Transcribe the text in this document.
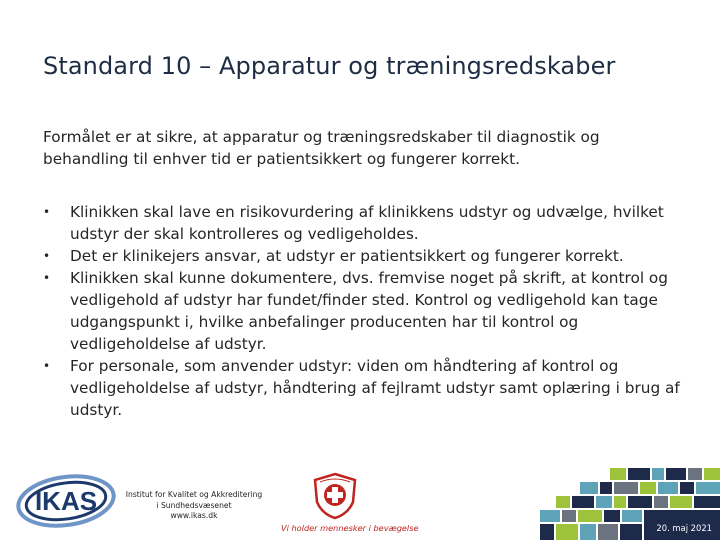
Standard 10 – Apparatur og træningsredskaber
Formålet er at sikre, at apparatur og træningsredskaber til diagnostik og behandling til enhver tid er patientsikkert og fungerer korrekt.
•	Klinikken skal lave en risikovurdering af klinikkens udstyr og udvælge, hvilket udstyr der skal kontrolleres og vedligeholdes.
•	Det er klinikejers ansvar, at udstyr er patientsikkert og fungerer korrekt.
•	Klinikken skal kunne dokumentere, dvs. fremvise noget på skrift, at kontrol og vedligehold af udstyr har fundet/finder sted. Kontrol og vedligehold kan tage udgangspunkt i, hvilke anbefalinger producenten har til kontrol og vedligeholdelse af udstyr.
•	For personale, som anvender udstyr: viden om håndtering af kontrol og vedligeholdelse af udstyr, håndtering af fejlramt udstyr samt oplæring i brug af udstyr.
IKAS	Institut for Kvalitet og Akkreditering
i Sundhedsvæsenet
www.ikas.dk
Vi holder mennesker i bevægelse	20. maj 2021
